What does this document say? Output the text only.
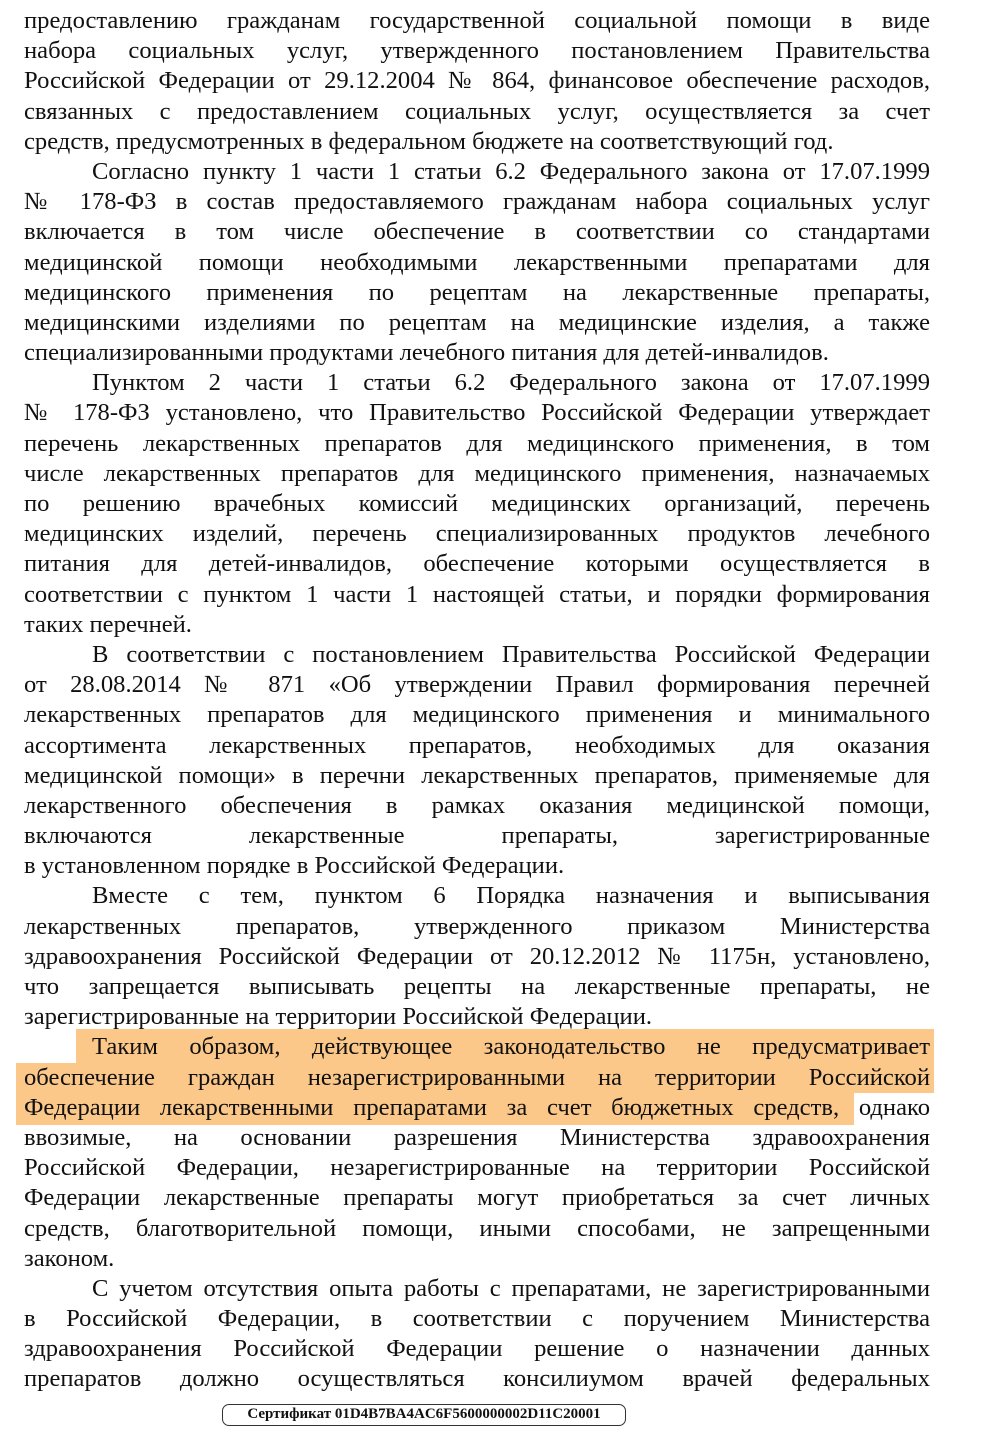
предоставлению гражданам государственной социальной помощи в виде
набора социальных услуг, утвержденного постановлением Правительства
Российской Федерации от 29.12.2004 № 864, финансовое обеспечение расходов,
связанных с предоставлением социальных услуг, осуществляется за счет
средств, предусмотренных в федеральном бюджете на соответствующий год.
Согласно пункту 1 части 1 статьи 6.2 Федерального закона от 17.07.1999
№ 178-ФЗ в состав предоставляемого гражданам набора социальных услуг
включается в том числе обеспечение в соответствии со стандартами
медицинской помощи необходимыми лекарственными препаратами для
медицинского применения по рецептам на лекарственные препараты,
медицинскими изделиями по рецептам на медицинские изделия, а также
специализированными продуктами лечебного питания для детей-инвалидов.
Пунктом 2 части 1 статьи 6.2 Федерального закона от 17.07.1999
№ 178-ФЗ установлено, что Правительство Российской Федерации утверждает
перечень лекарственных препаратов для медицинского применения, в том
числе лекарственных препаратов для медицинского применения, назначаемых
по решению врачебных комиссий медицинских организаций, перечень
медицинских изделий, перечень специализированных продуктов лечебного
питания для детей-инвалидов, обеспечение которыми осуществляется в
соответствии с пунктом 1 части 1 настоящей статьи, и порядки формирования
таких перечней.
В соответствии с постановлением Правительства Российской Федерации
от 28.08.2014 № 871 «Об утверждении Правил формирования перечней
лекарственных препаратов для медицинского применения и минимального
ассортимента лекарственных препаратов, необходимых для оказания
медицинской помощи» в перечни лекарственных препаратов, применяемые для
лекарственного обеспечения в рамках оказания медицинской помощи,
включаются лекарственные препараты, зарегистрированные
в установленном порядке в Российской Федерации.
Вместе с тем, пунктом 6 Порядка назначения и выписывания
лекарственных препаратов, утвержденного приказом Министерства
здравоохранения Российской Федерации от 20.12.2012 № 1175н, установлено,
что запрещается выписывать рецепты на лекарственные препараты, не
зарегистрированные на территории Российской Федерации.
Таким образом, действующее законодательство не предусматривает
обеспечение граждан незарегистрированными на территории Российской
Федерации лекарственными препаратами за счет бюджетных средств, однако
ввозимые, на основании разрешения Министерства здравоохранения
Российской Федерации, незарегистрированные на территории Российской
Федерации лекарственные препараты могут приобретаться за счет личных
средств, благотворительной помощи, иными способами, не запрещенными
законом.
С учетом отсутствия опыта работы с препаратами, не зарегистрированными
в Российской Федерации, в соответствии с поручением Министерства
здравоохранения Российской Федерации решение о назначении данных
препаратов должно осуществляться консилиумом врачей федеральных
Сертификат 01D4B7BA4AC6F5600000002D11C20001
